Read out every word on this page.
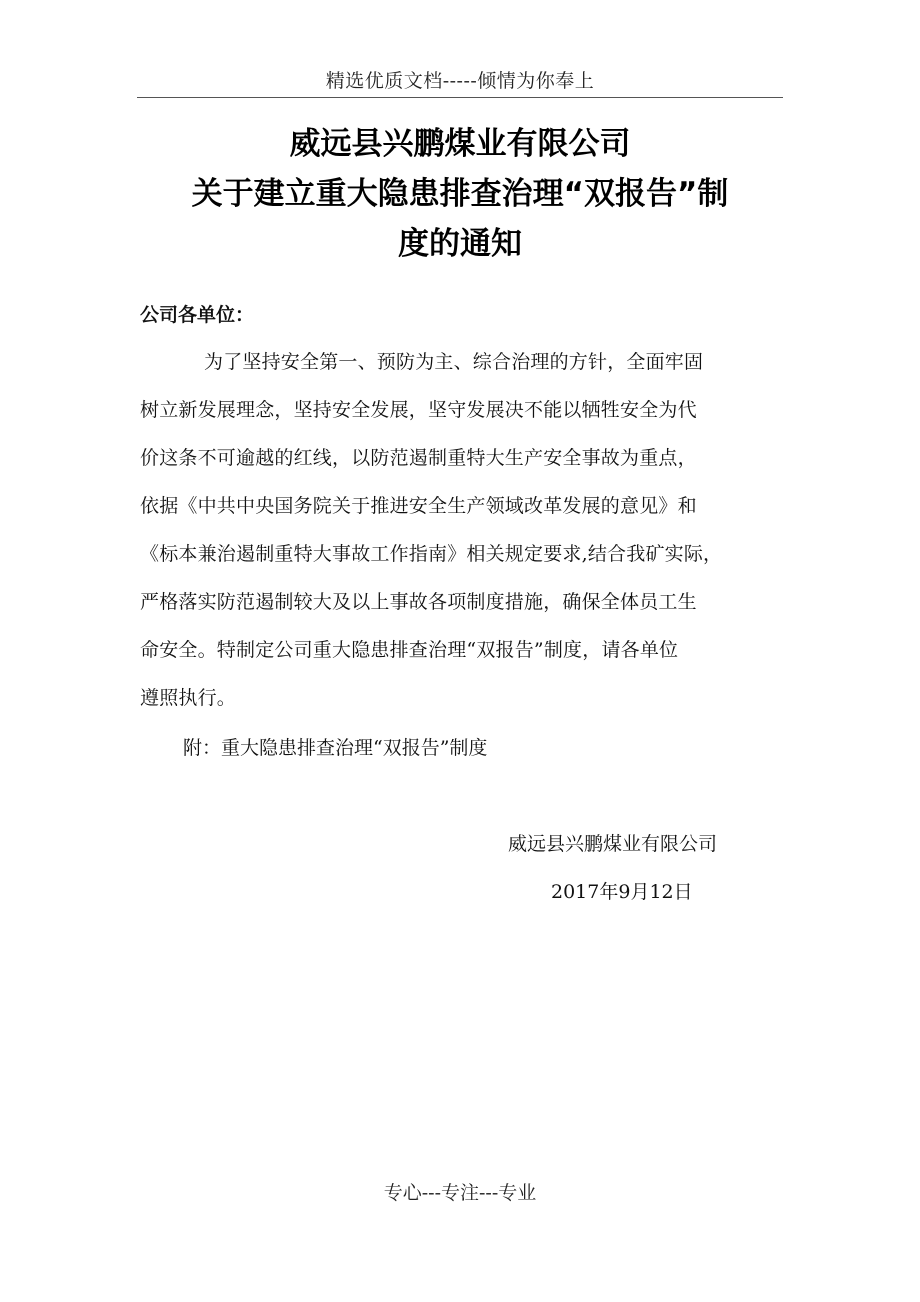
精选优质文档-----倾情为你奉上
威远县兴鹏煤业有限公司
关于建立重大隐患排查治理“双报告”制
度的通知
公司各单位：
为了坚持安全第一、预防为主、综合治理的方针，全面牢固
树立新发展理念，坚持安全发展，坚守发展决不能以牺牲安全为代
价这条不可逾越的红线，以防范遏制重特大生产安全事故为重点，
依据《中共中央国务院关于推进安全生产领域改革发展的意见》和
《标本兼治遏制重特大事故工作指南》相关规定要求,结合我矿实际，
严格落实防范遏制较大及以上事故各项制度措施，确保全体员工生
命安全。特制定公司重大隐患排查治理“双报告”制度，请各单位
遵照执行。
附：重大隐患排查治理“双报告”制度
威远县兴鹏煤业有限公司
2017年9月12日
专心---专注---专业
